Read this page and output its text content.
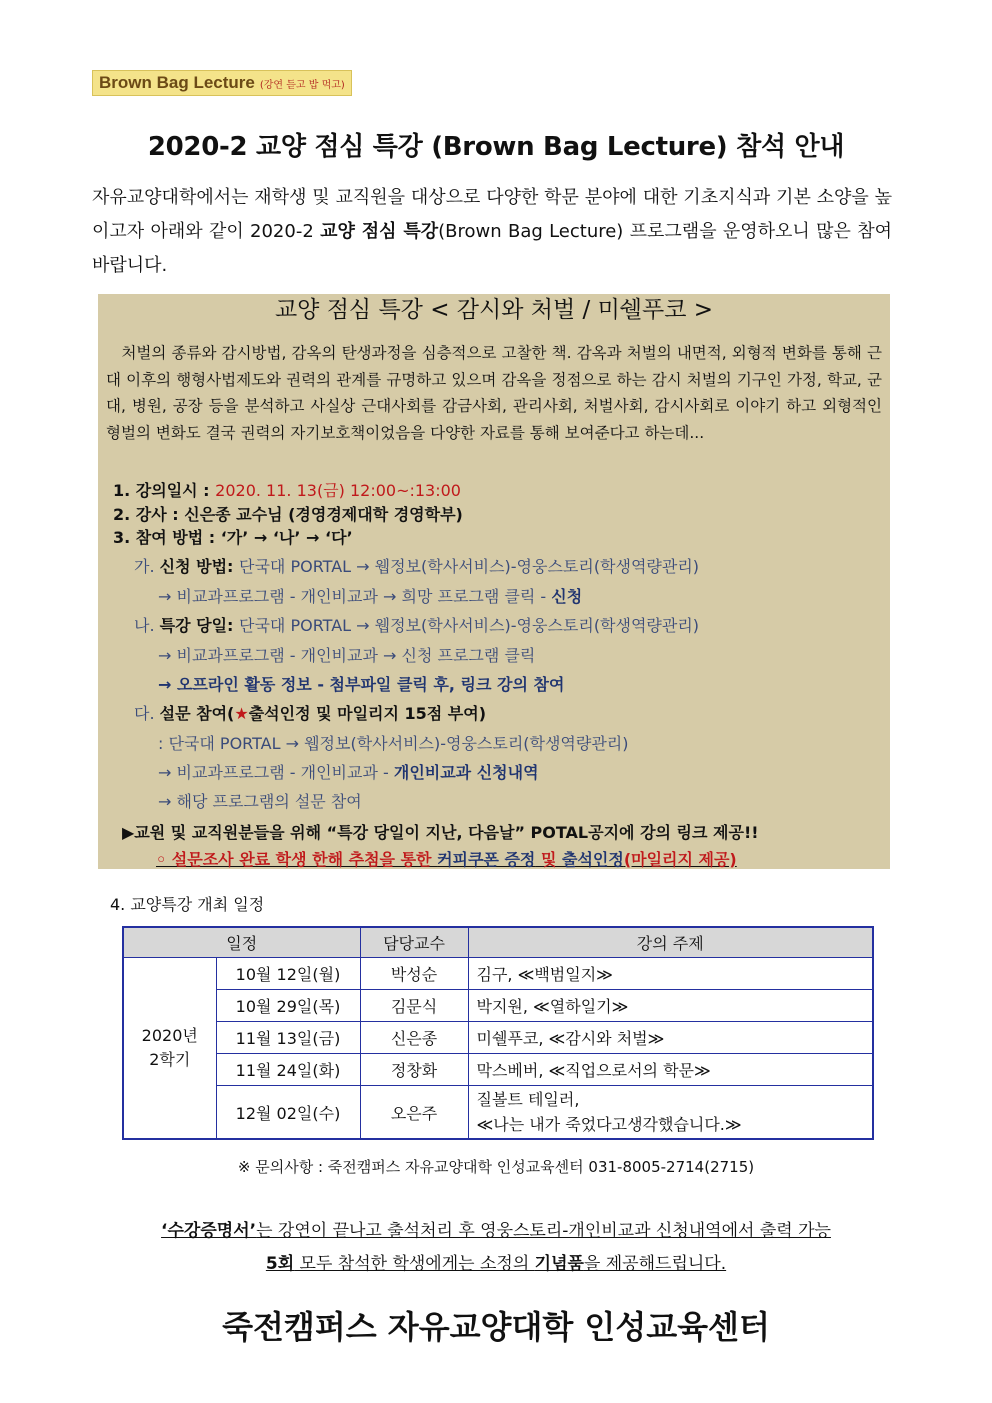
Brown Bag Lecture (강연 듣고 밥 먹고)
2020-2 교양 점심 특강 (Brown Bag Lecture) 참석 안내
자유교양대학에서는 재학생 및 교직원을 대상으로 다양한 학문 분야에 대한 기초지식과 기본 소양을 높이고자 아래와 같이 2020-2 교양 점심 특강(Brown Bag Lecture) 프로그램을 운영하오니 많은 참여 바랍니다.
교양 점심 특강 < 감시와 처벌 / 미쉘푸코 >
처벌의 종류와 감시방법, 감옥의 탄생과정을 심층적으로 고찰한 책. 감옥과 처벌의 내면적, 외형적 변화를 통해 근대 이후의 행형사법제도와 권력의 관계를 규명하고 있으며 감옥을 정점으로 하는 감시 처벌의 기구인 가정, 학교, 군대, 병원, 공장 등을 분석하고 사실상 근대사회를 감금사회, 관리사회, 처벌사회, 감시사회로 이야기 하고 외형적인 형벌의 변화도 결국 권력의 자기보호책이었음을 다양한 자료를 통해 보여준다고 하는데...
1. 강의일시 : 2020. 11. 13(금) 12:00~:13:00
2. 강사 : 신은종 교수님 (경영경제대학 경영학부)
3. 참여 방법 : ‘가’ → ‘나’ → ‘다’
가. 신청 방법: 단국대 PORTAL → 웹정보(학사서비스)-영웅스토리(학생역량관리)
→ 비교과프로그램 - 개인비교과 → 희망 프로그램 클릭 - 신청
나. 특강 당일: 단국대 PORTAL → 웹정보(학사서비스)-영웅스토리(학생역량관리)
→ 비교과프로그램 - 개인비교과 → 신청 프로그램 클릭
→ 오프라인 활동 정보 - 첨부파일 클릭 후, 링크 강의 참여
다. 설문 참여(★출석인정 및 마일리지 15점 부여)
: 단국대 PORTAL → 웹정보(학사서비스)-영웅스토리(학생역량관리)
→ 비교과프로그램 - 개인비교과 - 개인비교과 신청내역
→ 해당 프로그램의 설문 참여
▶교원 및 교직원분들을 위해 “특강 당일이 지난, 다음날” POTAL공지에 강의 링크 제공!!
◦ 설문조사 완료 학생 한해 추첨을 통한 커피쿠폰 증정 및 출석인정(마일리지 제공)
4. 교양특강 개최 일정
일정		담당교수	강의 주제
2020년
2학기	10월 12일(월)	박성순	김구, ≪백범일지≫
	10월 29일(목)	김문식	박지원, ≪열하일기≫
	11월 13일(금)	신은종	미쉘푸코, ≪감시와 처벌≫
	11월 24일(화)	정창화	막스베버, ≪직업으로서의 학문≫
	12월 02일(수)	오은주	질볼트 테일러,
≪나는 내가 죽었다고생각했습니다.≫
※ 문의사항 : 죽전캠퍼스 자유교양대학 인성교육센터 031-8005-2714(2715)
‘수강증명서’는 강연이 끝나고 출석처리 후 영웅스토리-개인비교과 신청내역에서 출력 가능
5회 모두 참석한 학생에게는 소정의 기념품을 제공해드립니다.
죽전캠퍼스 자유교양대학 인성교육센터
